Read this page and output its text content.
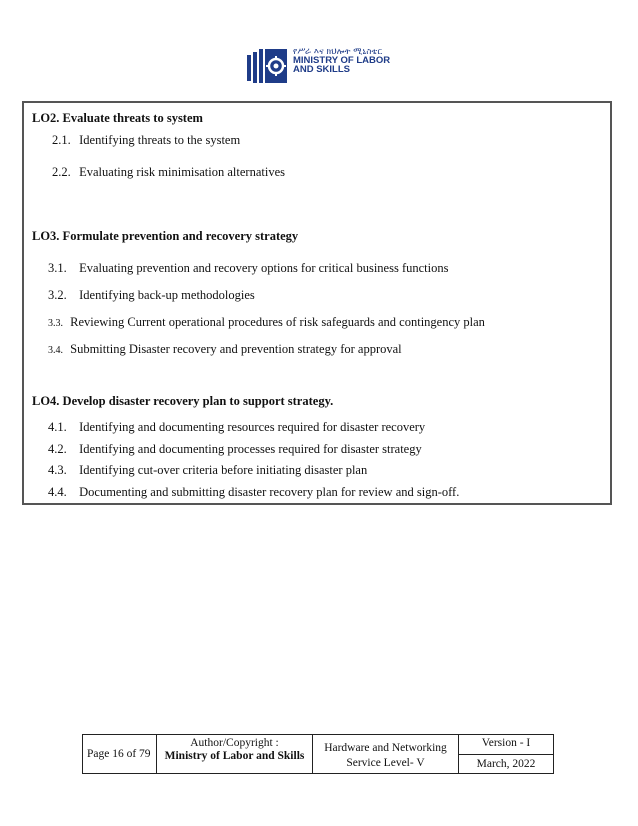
የሥራ እና ክህሎት ሚኒስቴር
MINISTRY OF LABOR
AND SKILLS
LO2. Evaluate threats to system
2.1. Identifying threats to the system
2.2. Evaluating risk minimisation alternatives
LO3. Formulate prevention and recovery strategy
3.1. Evaluating prevention and recovery options for critical business functions
3.2. Identifying back-up methodologies
3.3. Reviewing Current operational procedures of risk safeguards and contingency plan
3.4. Submitting Disaster recovery and prevention strategy for approval
LO4. Develop disaster recovery plan to support strategy.
4.1. Identifying and documenting resources required for disaster recovery
4.2. Identifying and documenting processes required for disaster strategy
4.3. Identifying cut-over criteria before initiating disaster plan
4.4. Documenting and submitting disaster recovery plan for review and sign-off.
Page 16 of 79
Author/Copyright :
Ministry of Labor and Skills
Hardware and Networking
Service Level- V
Version - I
March, 2022
